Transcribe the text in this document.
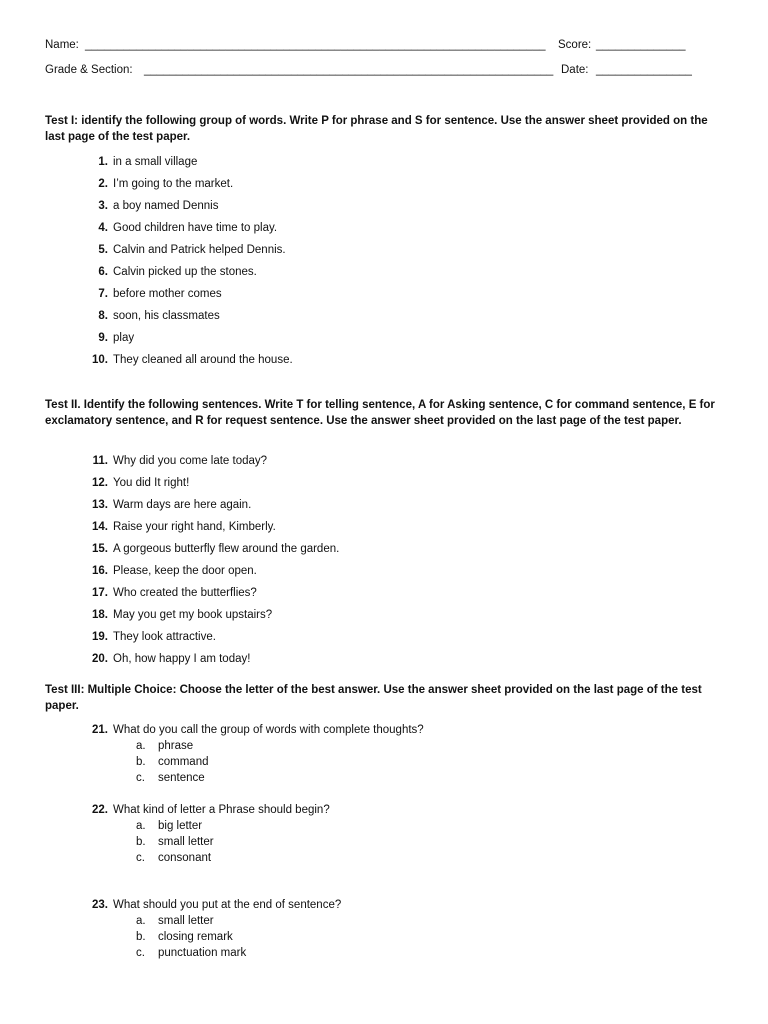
Name: ________________________________________________________________________ Score: ______________
Grade & Section: ________________________________________________________________ Date: _______________
Test I: identify the following group of words. Write P for phrase and S for sentence. Use the answer sheet provided on the last page of the test paper.
1. in a small village
2. I’m going to the market.
3. a boy named Dennis
4. Good children have time to play.
5. Calvin and Patrick helped Dennis.
6. Calvin picked up the stones.
7. before mother comes
8. soon, his classmates
9. play
10. They cleaned all around the house.
Test II. Identify the following sentences. Write T for telling sentence, A for Asking sentence, C for command sentence, E for exclamatory sentence, and R for request sentence. Use the answer sheet provided on the last page of the test paper.
11. Why did you come late today?
12. You did It right!
13. Warm days are here again.
14. Raise your right hand, Kimberly.
15. A gorgeous butterfly flew around the garden.
16. Please, keep the door open.
17. Who created the butterflies?
18. May you get my book upstairs?
19. They look attractive.
20. Oh, how happy I am today!
Test III: Multiple Choice: Choose the letter of the best answer. Use the answer sheet provided on the last page of the test paper.
21. What do you call the group of words with complete thoughts?
a. phrase
b. command
c. sentence
22. What kind of letter a Phrase should begin?
a. big letter
b. small letter
c. consonant
23. What should you put at the end of sentence?
a. small letter
b. closing remark
c. punctuation mark
